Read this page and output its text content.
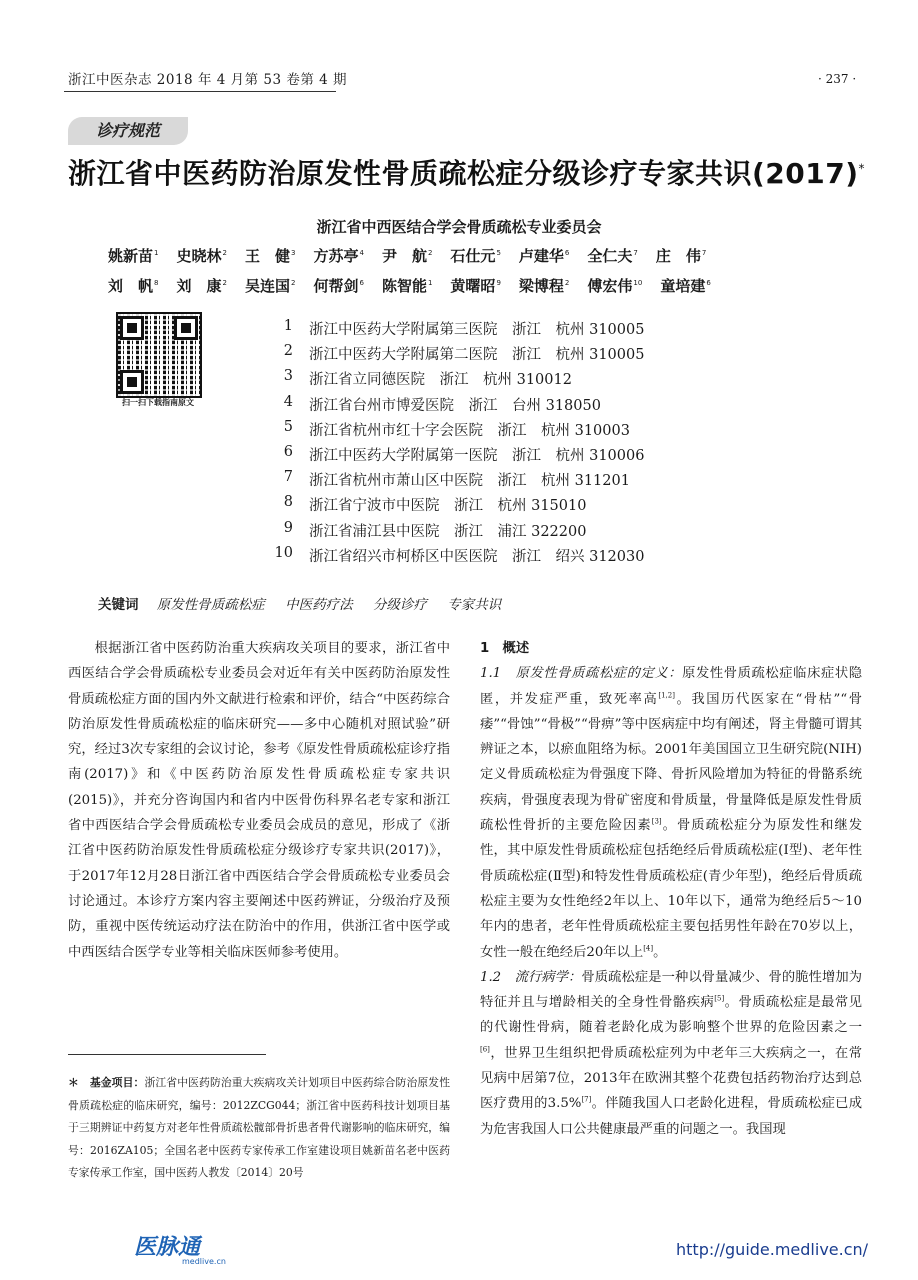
浙江中医杂志 2018 年 4 月第 53 卷第 4 期	· 237 ·
诊疗规范
浙江省中医药防治原发性骨质疏松症分级诊疗专家共识(2017)*
浙江省中西医结合学会骨质疏松专业委员会
姚新苗$^1$ 史晓林$^2$ 王　健$^3$ 方苏亭$^4$ 尹　航$^2$ 石仕元$^5$ 卢建华$^6$ 全仁夫$^7$ 庄　伟$^7$
刘　帆$^8$ 刘　康$^2$ 吴连国$^2$ 何帮剑$^6$ 陈智能$^1$ 黄曙昭$^9$ 梁博程$^2$ 傅宏伟$^{10}$ 童培建$^6$
扫一扫下载指南原文
1	浙江中医药大学附属第三医院　浙江　杭州 310005
2	浙江中医药大学附属第二医院　浙江　杭州 310005
3	浙江省立同德医院　浙江　杭州 310012
4	浙江省台州市博爱医院　浙江　台州 318050
5	浙江省杭州市红十字会医院　浙江　杭州 310003
6	浙江中医药大学附属第一医院　浙江　杭州 310006
7	浙江省杭州市萧山区中医院　浙江　杭州 311201
8	浙江省宁波市中医院　浙江　杭州 315010
9	浙江省浦江县中医院　浙江　浦江 322200
10	浙江省绍兴市柯桥区中医医院　浙江　绍兴 312030
关键词 原发性骨质疏松症 中医药疗法 分级诊疗 专家共识

根据浙江省中医药防治重大疾病攻关项目的要求，浙江省中西医结合学会骨质疏松专业委员会对近年有关中医药防治原发性骨质疏松症方面的国内外文献进行检索和评价，结合“中医药综合防治原发性骨质疏松症的临床研究——多中心随机对照试验”研究，经过3次专家组的会议讨论，参考《原发性骨质疏松症诊疗指南(2017)》和《中医药防治原发性骨质疏松症专家共识(2015)》，并充分咨询国内和省内中医骨伤科界名老专家和浙江省中西医结合学会骨质疏松专业委员会成员的意见，形成了《浙江省中医药防治原发性骨质疏松症分级诊疗专家共识(2017)》，于2017年12月28日浙江省中西医结合学会骨质疏松专业委员会讨论通过。本诊疗方案内容主要阐述中医药辨证，分级治疗及预防，重视中医传统运动疗法在防治中的作用，供浙江省中医学或中西医结合医学专业等相关临床医师参考使用。

1　概述

1.1　原发性骨质疏松症的定义：原发性骨质疏松症临床症状隐匿，并发症严重，致死率高[1,2]。我国历代医家在“骨枯”“骨痿”“骨蚀”“骨极”“骨痹”等中医病症中均有阐述，肾主骨髓可谓其辨证之本，以瘀血阻络为标。2001年美国国立卫生研究院(NIH)定义骨质疏松症为骨强度下降、骨折风险增加为特征的骨骼系统疾病，骨强度表现为骨矿密度和骨质量，骨量降低是原发性骨质疏松性骨折的主要危险因素[3]。骨质疏松症分为原发性和继发性，其中原发性骨质疏松症包括绝经后骨质疏松症(Ⅰ型)、老年性骨质疏松症(Ⅱ型)和特发性骨质疏松症(青少年型)，绝经后骨质疏松症主要为女性绝经2年以上、10年以下，通常为绝经后5～10年内的患者，老年性骨质疏松症主要包括男性年龄在70岁以上，女性一般在绝经后20年以上[4]。

1.2　流行病学：骨质疏松症是一种以骨量减少、骨的脆性增加为特征并且与增龄相关的全身性骨骼疾病[5]。骨质疏松症是最常见的代谢性骨病，随着老龄化成为影响整个世界的危险因素之一[6]，世界卫生组织把骨质疏松症列为中老年三大疾病之一，在常见病中居第7位，2013年在欧洲其整个花费包括药物治疗达到总医疗费用的3.5%[7]。伴随我国人口老龄化进程，骨质疏松症已成为危害我国人口公共健康最严重的问题之一。我国现

＊　基金项目：浙江省中医药防治重大疾病攻关计划项目中医药综合防治原发性骨质疏松症的临床研究，编号：2012ZCG044；浙江省中医药科技计划项目基于三期辨证中药复方对老年性骨质疏松髋部骨折患者骨代谢影响的临床研究，编号：2016ZA105；全国名老中医药专家传承工作室建设项目姚新苗名老中医药专家传承工作室，国中医药人教发〔2014〕20号
医脉通
medlive.cn
http://guide.medlive.cn/
